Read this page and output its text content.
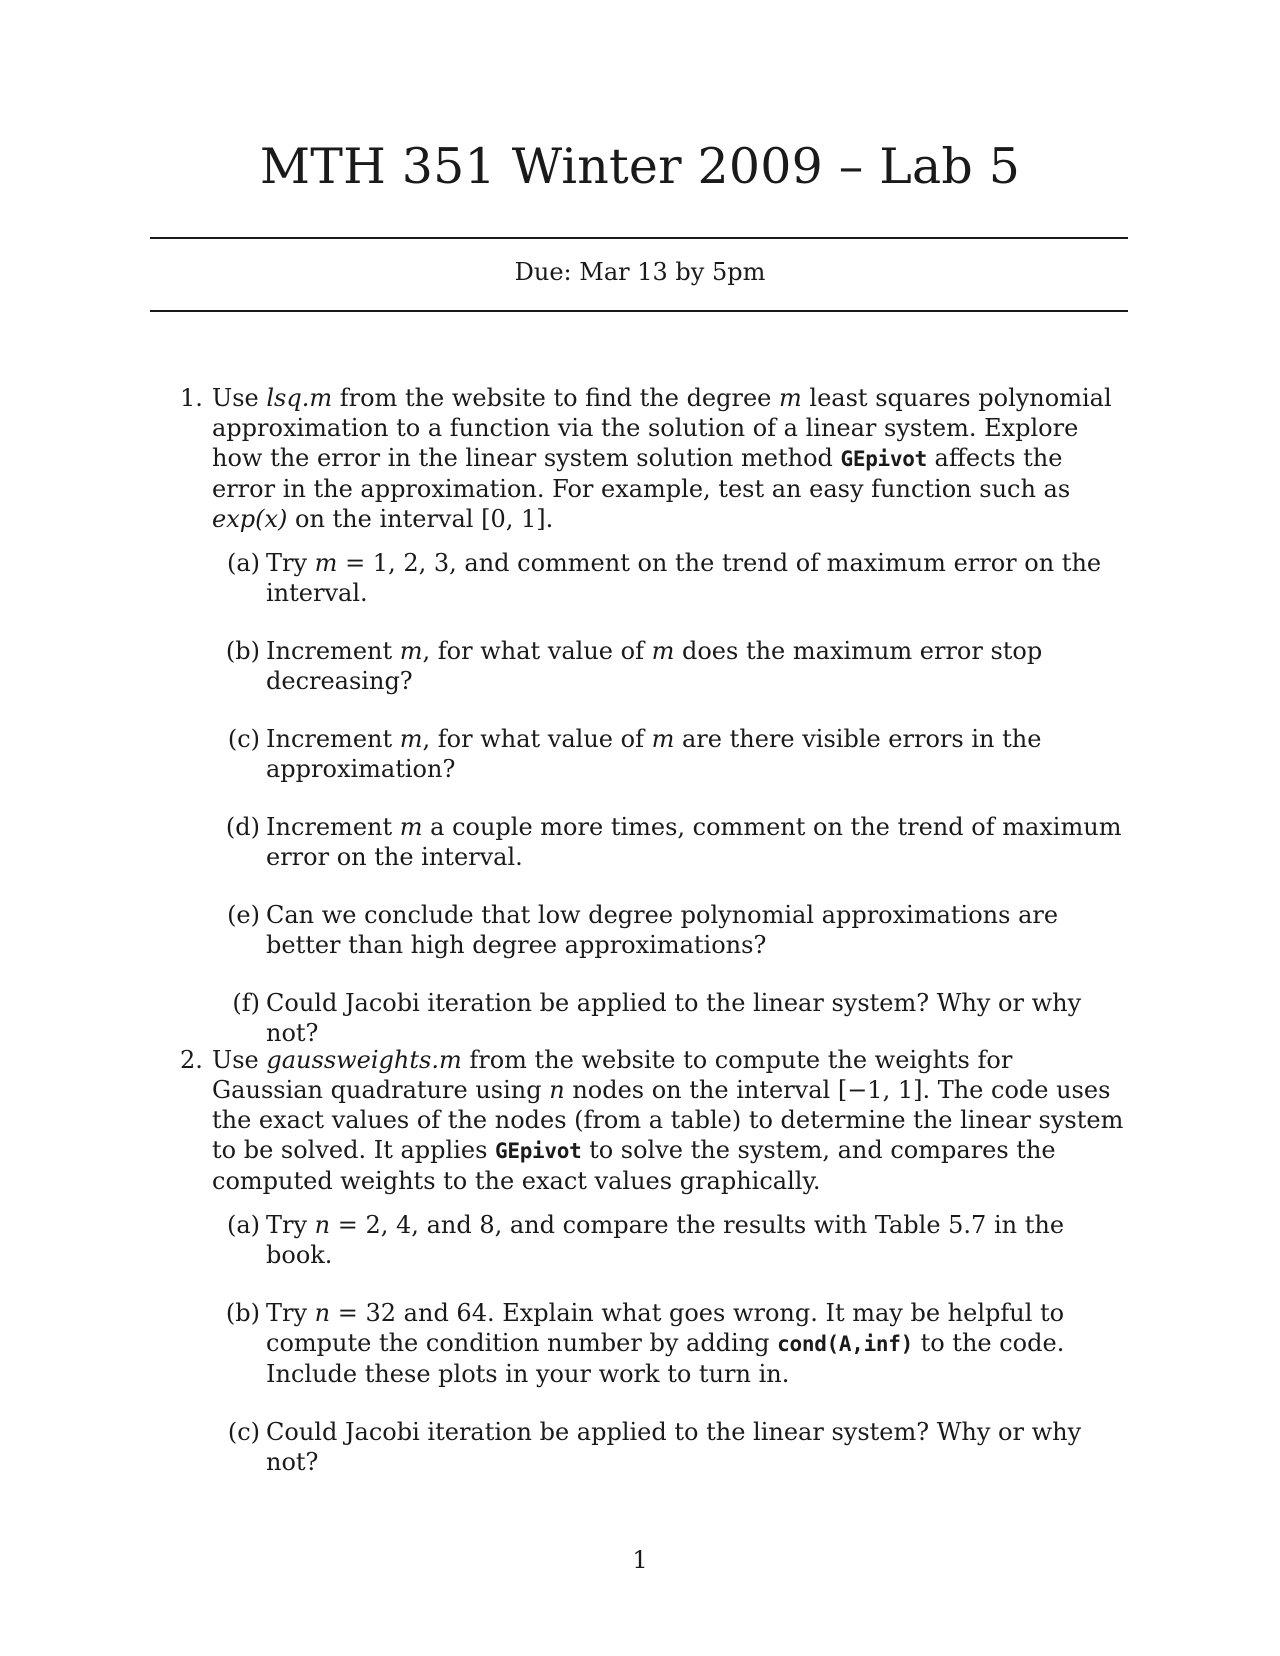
MTH 351 Winter 2009 – Lab 5
Due: Mar 13 by 5pm
1. Use lsq.m from the website to find the degree m least squares polynomial approximation to a function via the solution of a linear system. Explore how the error in the linear system solution method GEpivot affects the error in the approximation. For example, test an easy function such as exp(x) on the interval [0, 1].
(a) Try m = 1, 2, 3, and comment on the trend of maximum error on the interval.
(b) Increment m, for what value of m does the maximum error stop decreasing?
(c) Increment m, for what value of m are there visible errors in the approximation?
(d) Increment m a couple more times, comment on the trend of maximum error on the interval.
(e) Can we conclude that low degree polynomial approximations are better than high degree approximations?
(f) Could Jacobi iteration be applied to the linear system? Why or why not?
2. Use gaussweights.m from the website to compute the weights for Gaussian quadrature using n nodes on the interval [−1, 1]. The code uses the exact values of the nodes (from a table) to determine the linear system to be solved. It applies GEpivot to solve the system, and compares the computed weights to the exact values graphically.
(a) Try n = 2, 4, and 8, and compare the results with Table 5.7 in the book.
(b) Try n = 32 and 64. Explain what goes wrong. It may be helpful to compute the condition number by adding cond(A,inf) to the code. Include these plots in your work to turn in.
(c) Could Jacobi iteration be applied to the linear system? Why or why not?
1
